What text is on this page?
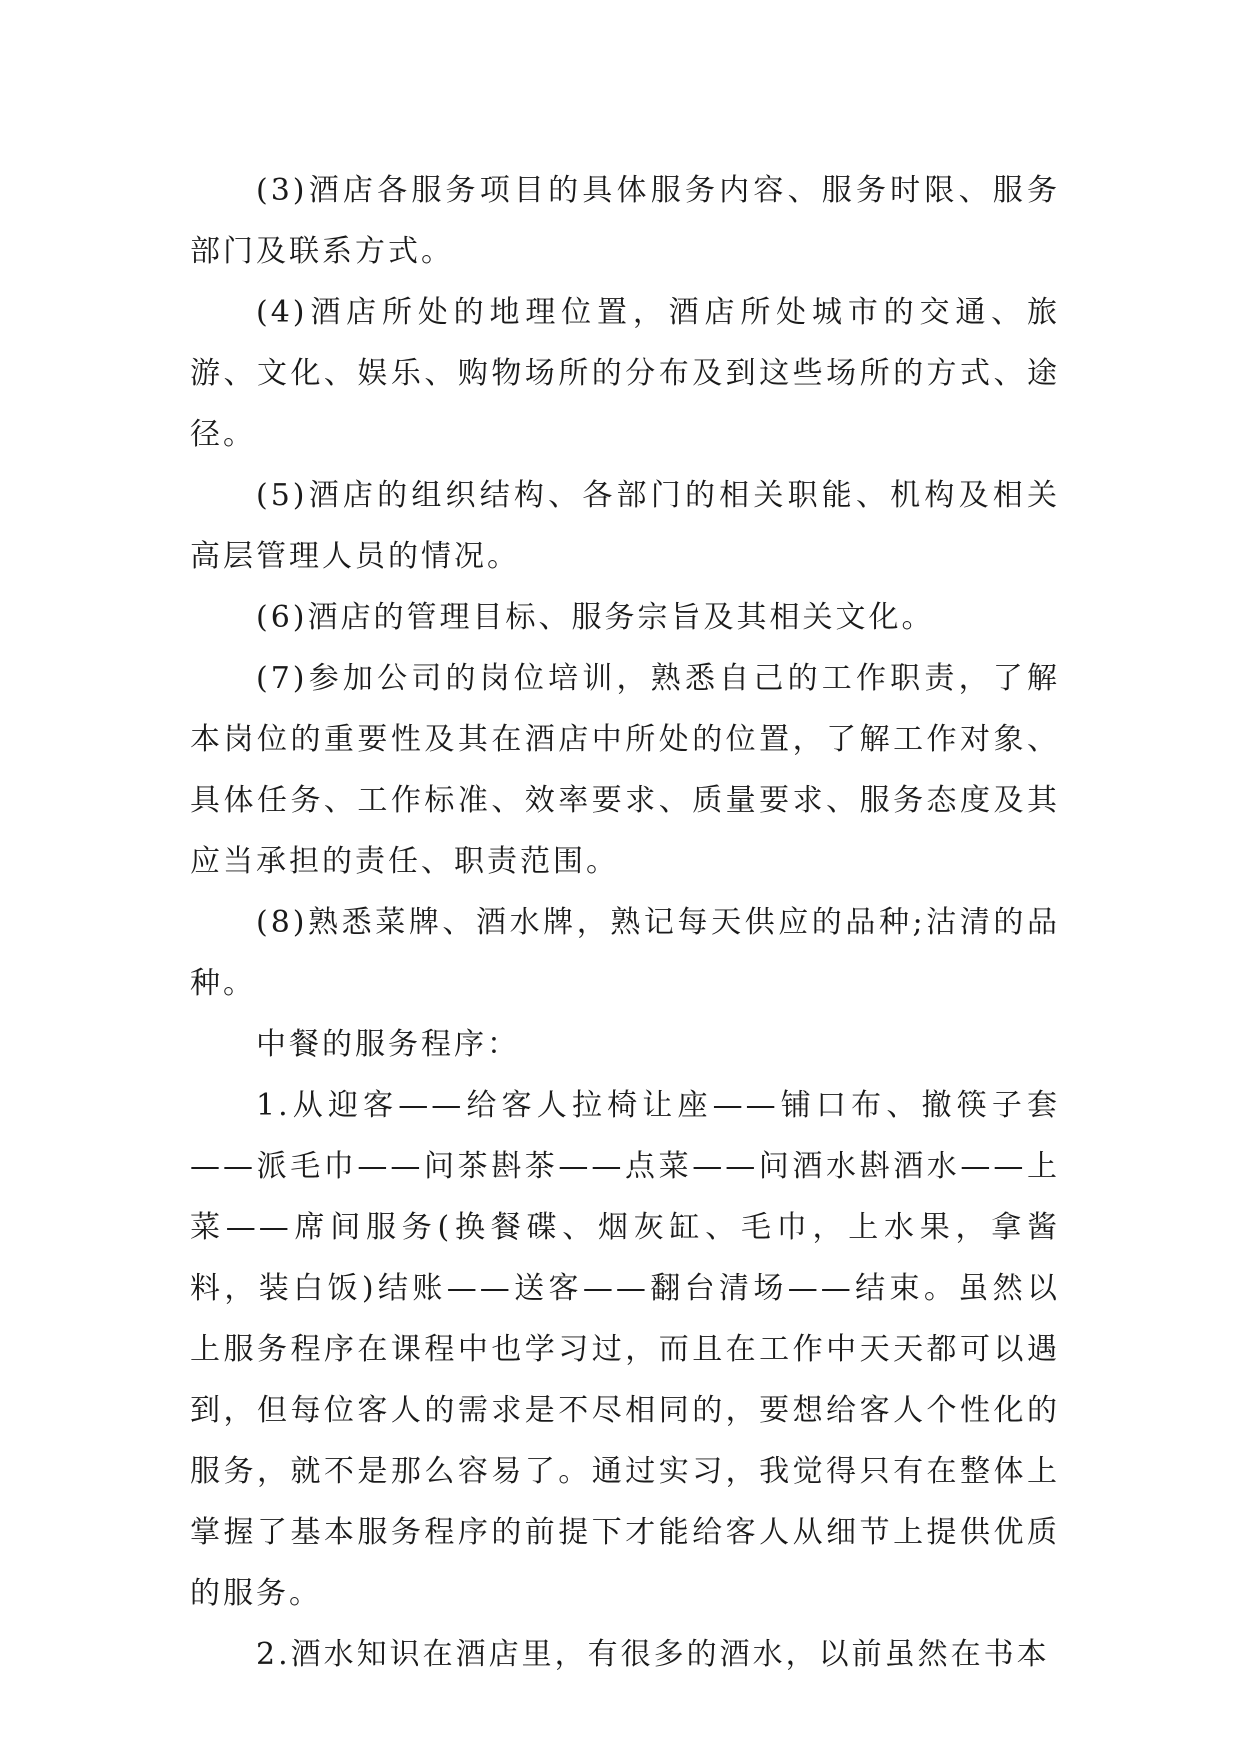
(3)酒店各服务项目的具体服务内容、服务时限、服务部门及联系方式。

(4)酒店所处的地理位置，酒店所处城市的交通、旅游、文化、娱乐、购物场所的分布及到这些场所的方式、途径。

(5)酒店的组织结构、各部门的相关职能、机构及相关高层管理人员的情况。

(6)酒店的管理目标、服务宗旨及其相关文化。

(7)参加公司的岗位培训，熟悉自己的工作职责，了解本岗位的重要性及其在酒店中所处的位置，了解工作对象、具体任务、工作标准、效率要求、质量要求、服务态度及其应当承担的责任、职责范围。

(8)熟悉菜牌、酒水牌，熟记每天供应的品种;沽清的品种。

中餐的服务程序：

1.从迎客——给客人拉椅让座——铺口布、撤筷子套——派毛巾——问茶斟茶——点菜——问酒水斟酒水——上菜——席间服务(换餐碟、烟灰缸、毛巾，上水果，拿酱料，装白饭)结账——送客——翻台清场——结束。虽然以上服务程序在课程中也学习过，而且在工作中天天都可以遇到，但每位客人的需求是不尽相同的，要想给客人个性化的服务，就不是那么容易了。通过实习，我觉得只有在整体上掌握了基本服务程序的前提下才能给客人从细节上提供优质的服务。

2.酒水知识在酒店里，有很多的酒水，以前虽然在书本
